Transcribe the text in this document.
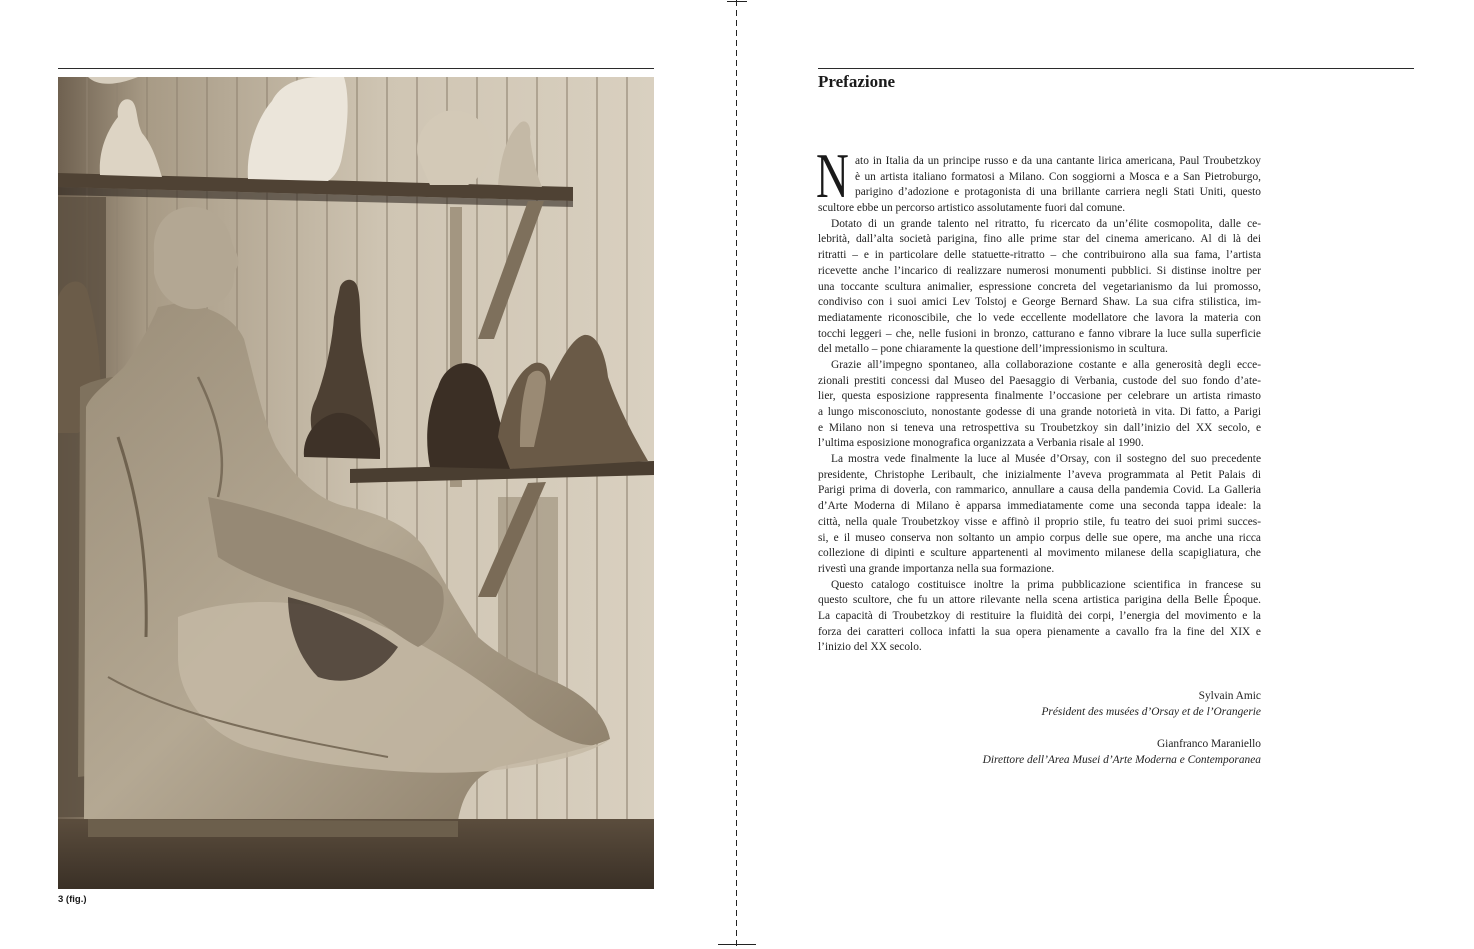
3 (fig.)
Prefazione
N ato in Italia da un principe russo e da una cantante lirica americana, Paul Troubetzkoy
è un artista italiano formatosi a Milano. Con soggiorni a Mosca e a San Pietroburgo,
parigino d’adozione e protagonista di una brillante carriera negli Stati Uniti, questo
scultore ebbe un percorso artistico assolutamente fuori dal comune.
Dotato di un grande talento nel ritratto, fu ricercato da un’élite cosmopolita, dalle ce-
lebrità, dall’alta società parigina, fino alle prime star del cinema americano. Al di là dei
ritratti – e in particolare delle statuette-ritratto – che contribuirono alla sua fama, l’artista
ricevette anche l’incarico di realizzare numerosi monumenti pubblici. Si distinse inoltre per
una toccante scultura animalier, espressione concreta del vegetarianismo da lui promosso,
condiviso con i suoi amici Lev Tolstoj e George Bernard Shaw. La sua cifra stilistica, im-
mediatamente riconoscibile, che lo vede eccellente modellatore che lavora la materia con
tocchi leggeri – che, nelle fusioni in bronzo, catturano e fanno vibrare la luce sulla superficie
del metallo – pone chiaramente la questione dell’impressionismo in scultura.
Grazie all’impegno spontaneo, alla collaborazione costante e alla generosità degli ecce-
zionali prestiti concessi dal Museo del Paesaggio di Verbania, custode del suo fondo d’ate-
lier, questa esposizione rappresenta finalmente l’occasione per celebrare un artista rimasto
a lungo misconosciuto, nonostante godesse di una grande notorietà in vita. Di fatto, a Parigi
e Milano non si teneva una retrospettiva su Troubetzkoy sin dall’inizio del XX secolo, e
l’ultima esposizione monografica organizzata a Verbania risale al 1990.
La mostra vede finalmente la luce al Musée d’Orsay, con il sostegno del suo precedente
presidente, Christophe Leribault, che inizialmente l’aveva programmata al Petit Palais di
Parigi prima di doverla, con rammarico, annullare a causa della pandemia Covid. La Galleria
d’Arte Moderna di Milano è apparsa immediatamente come una seconda tappa ideale: la
città, nella quale Troubetzkoy visse e affinò il proprio stile, fu teatro dei suoi primi succes-
si, e il museo conserva non soltanto un ampio corpus delle sue opere, ma anche una ricca
collezione di dipinti e sculture appartenenti al movimento milanese della scapigliatura, che
rivestì una grande importanza nella sua formazione.
Questo catalogo costituisce inoltre la prima pubblicazione scientifica in francese su
questo scultore, che fu un attore rilevante nella scena artistica parigina della Belle Époque.
La capacità di Troubetzkoy di restituire la fluidità dei corpi, l’energia del movimento e la
forza dei caratteri colloca infatti la sua opera pienamente a cavallo fra la fine del XIX e
l’inizio del XX secolo.
Sylvain Amic
Président des musées d’Orsay et de l’Orangerie
Gianfranco Maraniello
Direttore dell’Area Musei d’Arte Moderna e Contemporanea
